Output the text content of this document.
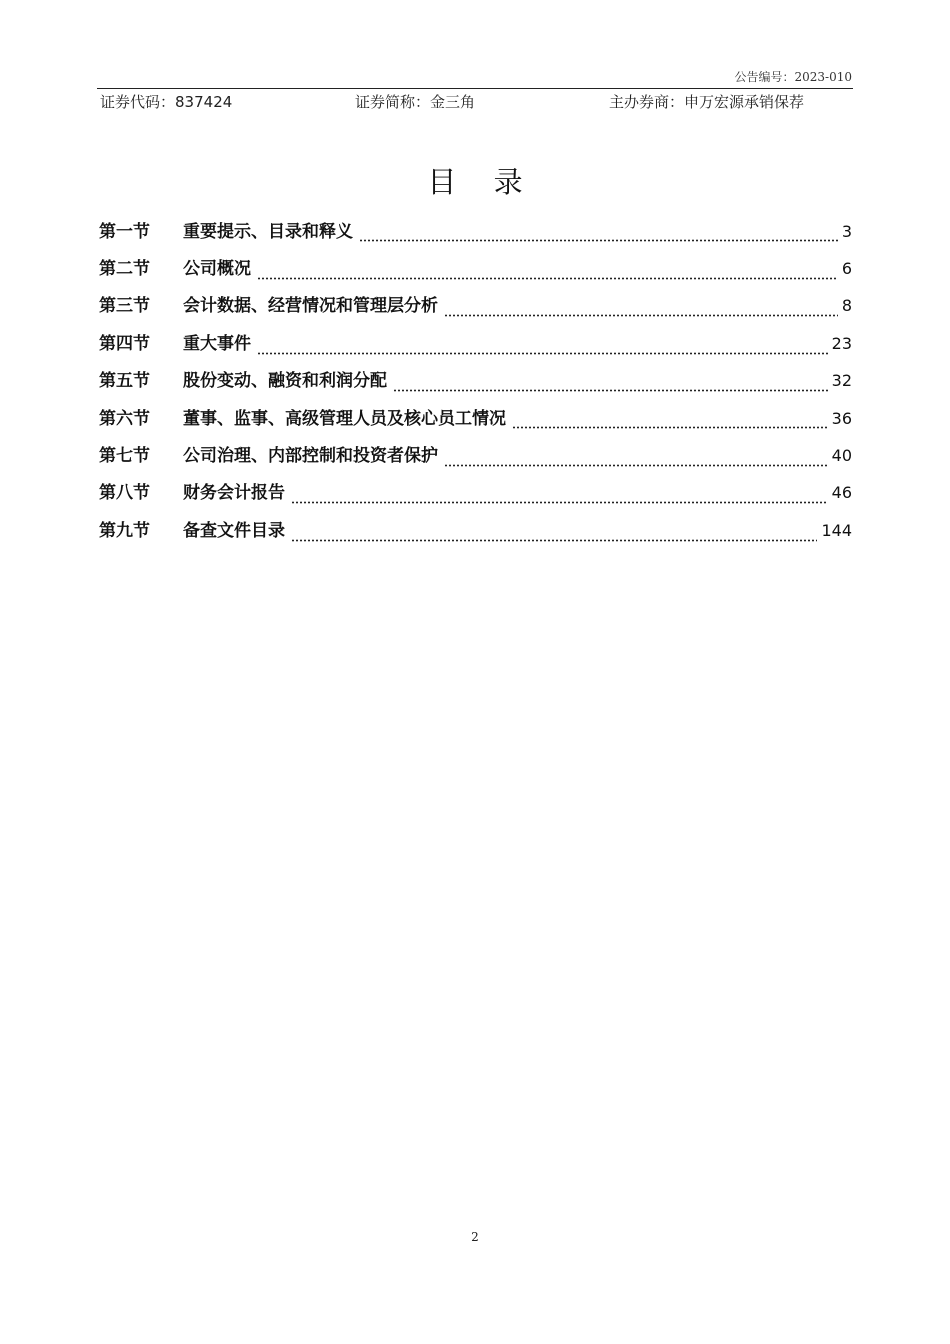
公告编号：2023-010
证券代码：837424	证券简称：金三角	主办券商：申万宏源承销保荐
目 录
第一节	重要提示、目录和释义	3
第二节	公司概况	6
第三节	会计数据、经营情况和管理层分析	8
第四节	重大事件	23
第五节	股份变动、融资和利润分配	32
第六节	董事、监事、高级管理人员及核心员工情况	36
第七节	公司治理、内部控制和投资者保护	40
第八节	财务会计报告	46
第九节	备查文件目录	144
2
